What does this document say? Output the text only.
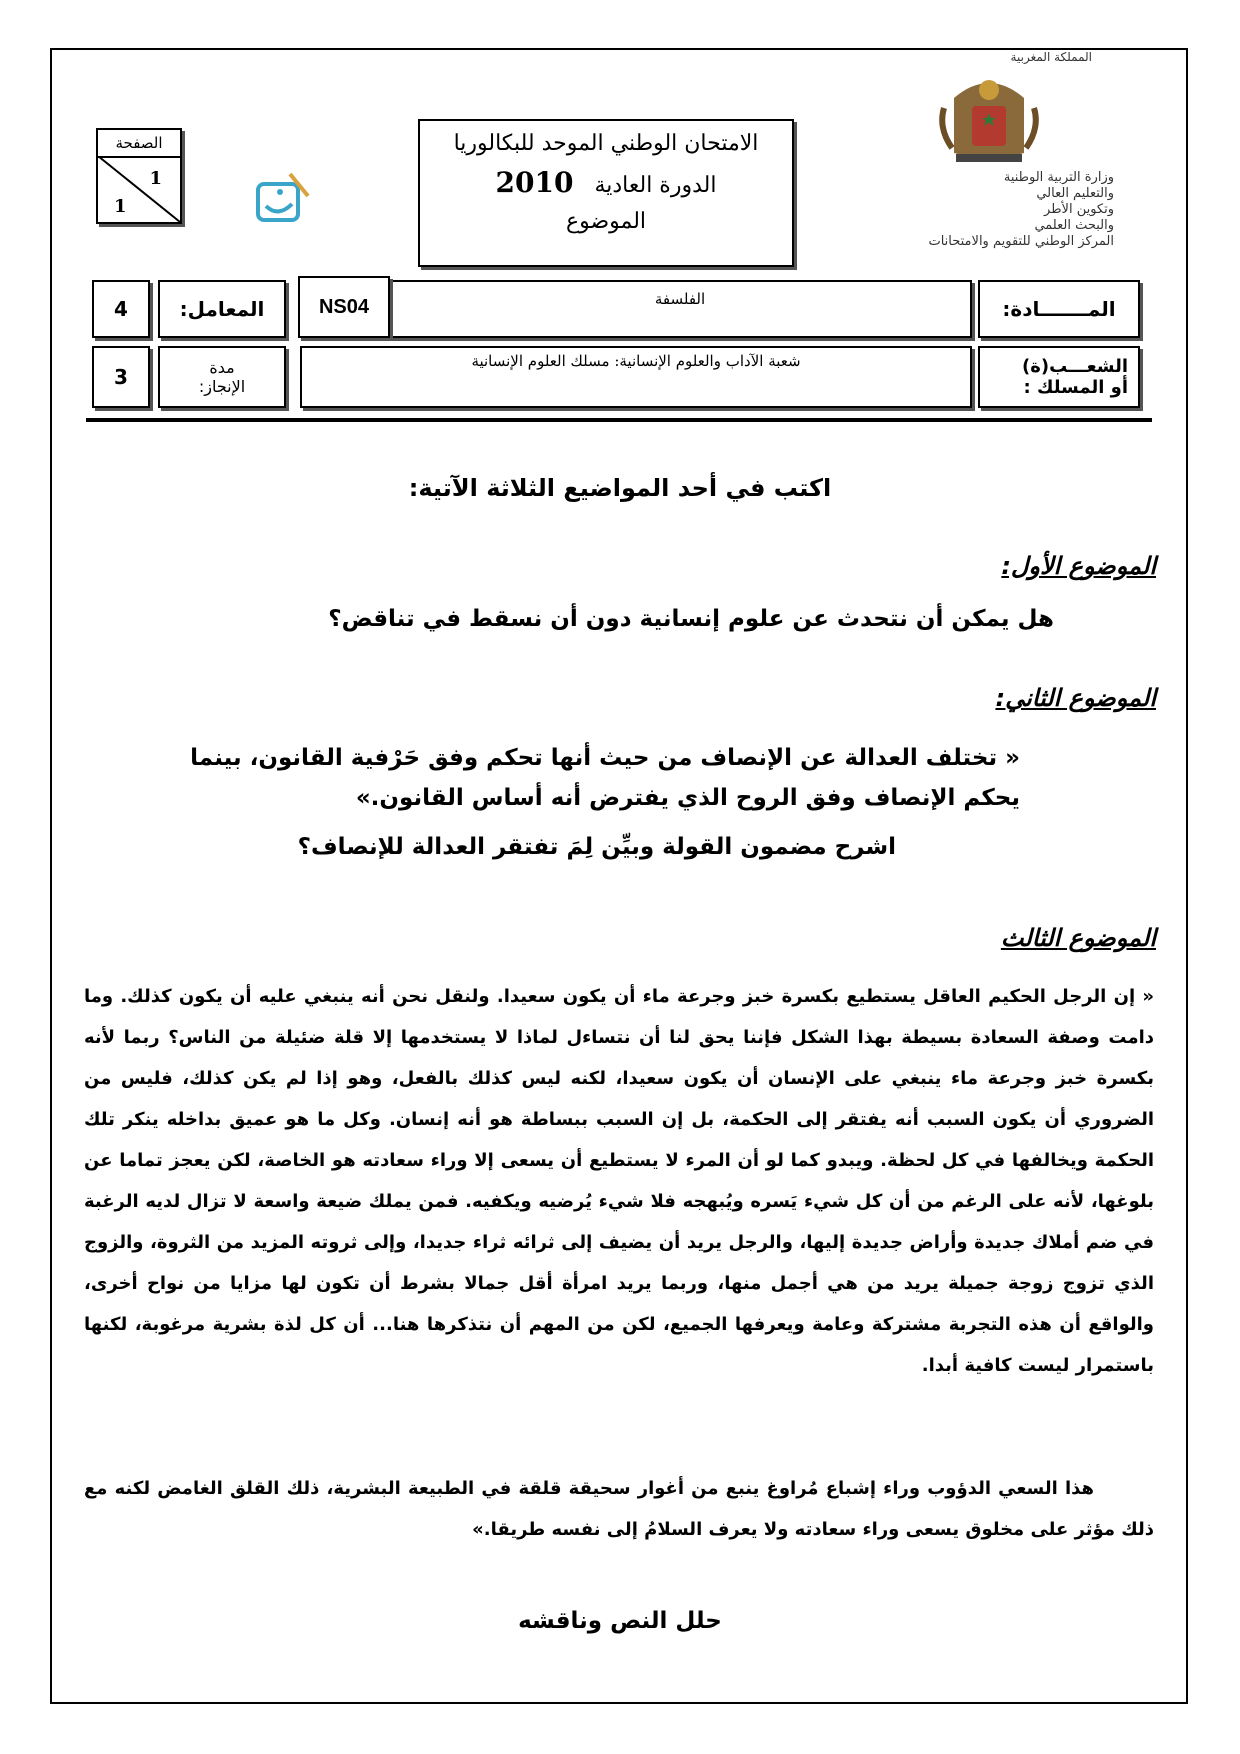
المملكة المغربية
وزارة التربية الوطنية
والتعليم العالي
وتكوين الأطر
والبحث العلمي
المركز الوطني للتقويم والامتحانات
الامتحان الوطني الموحد للبكالوريا
الدورة العادية   2010
الموضوع
الصفحة
1
1
المـــــــادة:
الفلسفة
NS04
المعامل:
4
الشعـــب(ة)
أو المسلك :
شعبة الآداب والعلوم الإنسانية: مسلك العلوم الإنسانية
مدة
الإنجاز:
3
اكتب في أحد المواضيع الثلاثة الآتية:
الموضوع الأول:
هل يمكن أن نتحدث عن علوم إنسانية دون أن نسقط في تناقض؟
الموضوع الثاني:
« تختلف العدالة عن الإنصاف من حيث أنها تحكم وفق حَرْفية القانون، بينما يحكم الإنصاف وفق الروح الذي يفترض أنه أساس القانون.»
اشرح مضمون القولة وبيِّن لِمَ تفتقر العدالة للإنصاف؟
الموضوع الثالث
« إن الرجل الحكيم العاقل يستطيع بكسرة خبز وجرعة ماء أن يكون سعيدا. ولنقل نحن أنه ينبغي عليه أن يكون كذلك. وما دامت وصفة السعادة بسيطة بهذا الشكل فإننا يحق لنا أن نتساءل لماذا لا يستخدمها إلا قلة ضئيلة من الناس؟ ربما لأنه بكسرة خبز وجرعة ماء ينبغي على الإنسان أن يكون سعيدا، لكنه ليس كذلك بالفعل، وهو إذا لم يكن كذلك، فليس من الضروري أن يكون السبب أنه يفتقر إلى الحكمة، بل إن السبب ببساطة هو أنه إنسان. وكل ما هو عميق بداخله ينكر تلك الحكمة ويخالفها في كل لحظة. ويبدو كما لو أن المرء لا يستطيع أن يسعى إلا وراء سعادته هو الخاصة، لكن يعجز تماما عن بلوغها، لأنه على الرغم من أن كل شيء يَسره ويُبهجه فلا شيء يُرضيه ويكفيه. فمن يملك ضيعة واسعة لا تزال لديه الرغبة في ضم أملاك جديدة وأراض جديدة إليها، والرجل يريد أن يضيف إلى ثرائه ثراء جديدا، وإلى ثروته المزيد من الثروة، والزوج الذي تزوج زوجة جميلة يريد من هي أجمل منها، وربما يريد امرأة أقل جمالا بشرط أن تكون لها مزايا من نواح أخرى، والواقع أن هذه التجربة مشتركة وعامة ويعرفها الجميع، لكن من المهم أن نتذكرها هنا... أن كل لذة بشرية مرغوبة، لكنها باستمرار ليست كافية أبدا.
هذا السعي الدؤوب وراء إشباع مُراوغ ينبع من أغوار سحيقة قلقة في الطبيعة البشرية، ذلك القلق الغامض لكنه مع ذلك مؤثر على مخلوق يسعى وراء سعادته ولا يعرف السلامُ إلى نفسه طريقا.»
حلل النص وناقشه
